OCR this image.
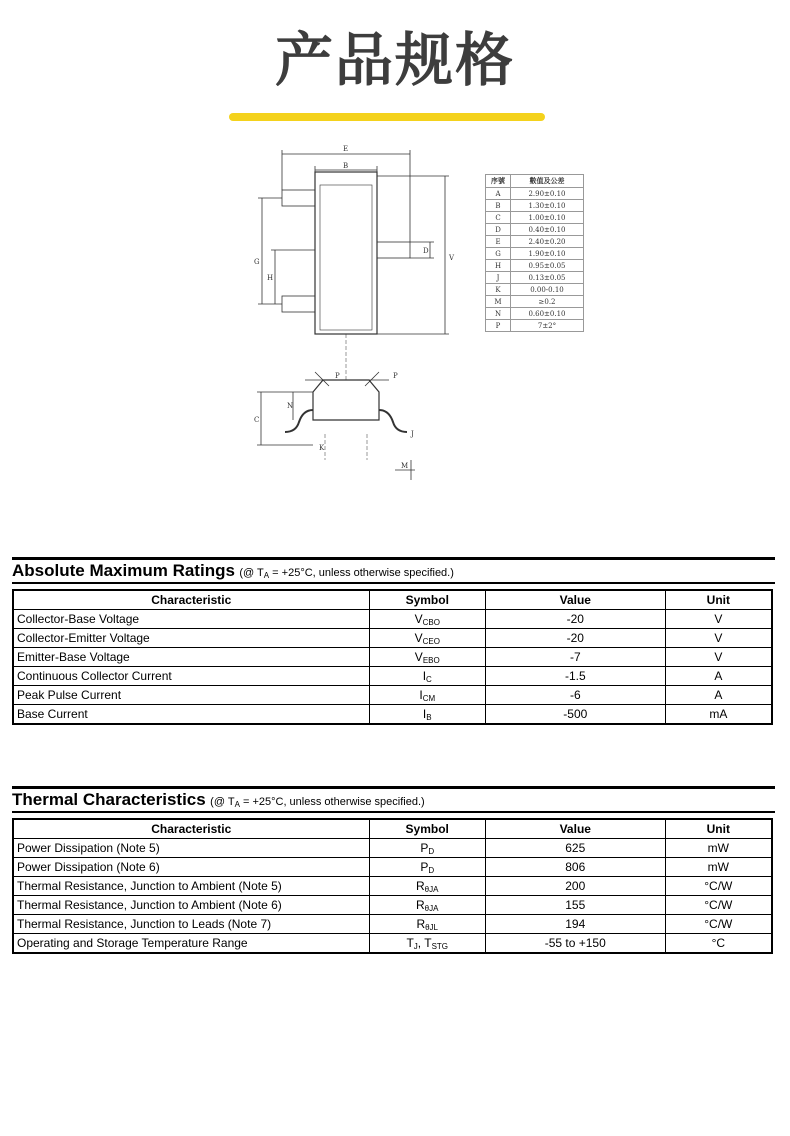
产品规格
E
B
D
V
G
H
P	P
N
C
K
J
M
序號	數值及公差
A	2.90±0.10
B	1.30±0.10
C	1.00±0.10
D	0.40±0.10
E	2.40±0.20
G	1.90±0.10
H	0.95±0.05
J	0.13±0.05
K	0.00-0.10
M	≥0.2
N	0.60±0.10
P	7±2°
Absolute Maximum Ratings (@ $T_A = +25^\circ C$, unless otherwise specified.)
Characteristic	Symbol	Value	Unit
Collector-Base Voltage	$V_{CBO}$	-20	V
Collector-Emitter Voltage	$V_{CEO}$	-20	V
Emitter-Base Voltage	$V_{EBO}$	-7	V
Continuous Collector Current	$I_C$	-1.5	A
Peak Pulse Current	$I_{CM}$	-6	A
Base Current	$I_B$	-500	mA
Thermal Characteristics (@ $T_A = +25^\circ C$, unless otherwise specified.)
Characteristic	Symbol	Value	Unit
Power Dissipation (Note 5)	$P_D$	625	mW
Power Dissipation (Note 6)	$P_D$	806	mW
Thermal Resistance, Junction to Ambient (Note 5)	$R_{\theta JA}$	200	°C/W
Thermal Resistance, Junction to Ambient (Note 6)	$R_{\theta JA}$	155	°C/W
Thermal Resistance, Junction to Leads (Note 7)	$R_{\theta JL}$	194	°C/W
Operating and Storage Temperature Range	$T_J$, $T_{STG}$	-55 to +150	°C
